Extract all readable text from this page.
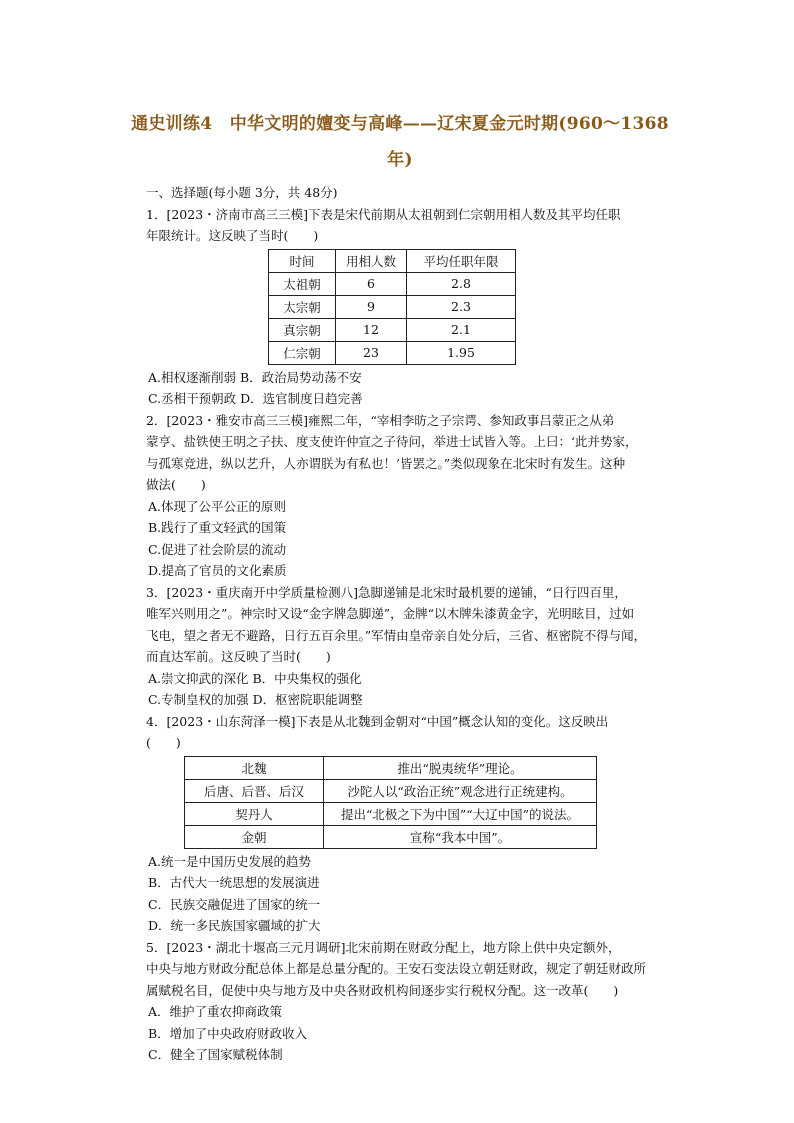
通史训练4　中华文明的嬗变与高峰——辽宋夏金元时期(960～1368
年)
一、选择题(每小题 3分，共 48分)
1．[2023・济南市高三三模]下表是宋代前期从太祖朝到仁宗朝用相人数及其平均任职
年限统计。这反映了当时(　　)
时间	用相人数	平均任职年限
太祖朝	6	2.8
太宗朝	9	2.3
真宗朝	12	2.1
仁宗朝	23	1.95
A.相权逐渐削弱 B．政治局势动荡不安
C.丞相干预朝政 D．选官制度日趋完善
2．[2023・雅安市高三三模]雍熙二年，“宰相李昉之子宗谔、参知政事吕蒙正之从弟
蒙亨、盐铁使王明之子扶、度支使许仲宣之子待问，举进士试皆入等。上曰：‘此并势家，
与孤寒竞进，纵以艺升，人亦谓朕为有私也！’皆罢之。”类似现象在北宋时有发生。这种
做法(　　)
A.体现了公平公正的原则
B.践行了重文轻武的国策
C.促进了社会阶层的流动
D.提高了官员的文化素质
3．[2023・重庆南开中学质量检测八]急脚递铺是北宋时最机要的递铺，“日行四百里，
唯军兴则用之”。神宗时又设“金字牌急脚递”，金牌“以木牌朱漆黄金字，光明眩目，过如
飞电，望之者无不避路，日行五百余里。”军情由皇帝亲自处分后，三省、枢密院不得与闻，
而直达军前。这反映了当时(　　)
A.崇文抑武的深化 B．中央集权的强化
C.专制皇权的加强 D．枢密院职能调整
4．[2023・山东菏泽一模]下表是从北魏到金朝对“中国”概念认知的变化。这反映出
(　　)
北魏	推出“脱夷统华”理论。
后唐、后晋、后汉	沙陀人以“政治正统”观念进行正统建构。
契丹人	提出“北极之下为中国”“大辽中国”的说法。
金朝	宣称“我本中国”。
A.统一是中国历史发展的趋势
B．古代大一统思想的发展演进
C．民族交融促进了国家的统一
D．统一多民族国家疆域的扩大
5．[2023・湖北十堰高三元月调研]北宋前期在财政分配上，地方除上供中央定额外，
中央与地方财政分配总体上都是总量分配的。王安石变法设立朝廷财政，规定了朝廷财政所
属赋税名目，促使中央与地方及中央各财政机构间逐步实行税权分配。这一改革(　　)
A．维护了重农抑商政策
B．增加了中央政府财政收入
C．健全了国家赋税体制
